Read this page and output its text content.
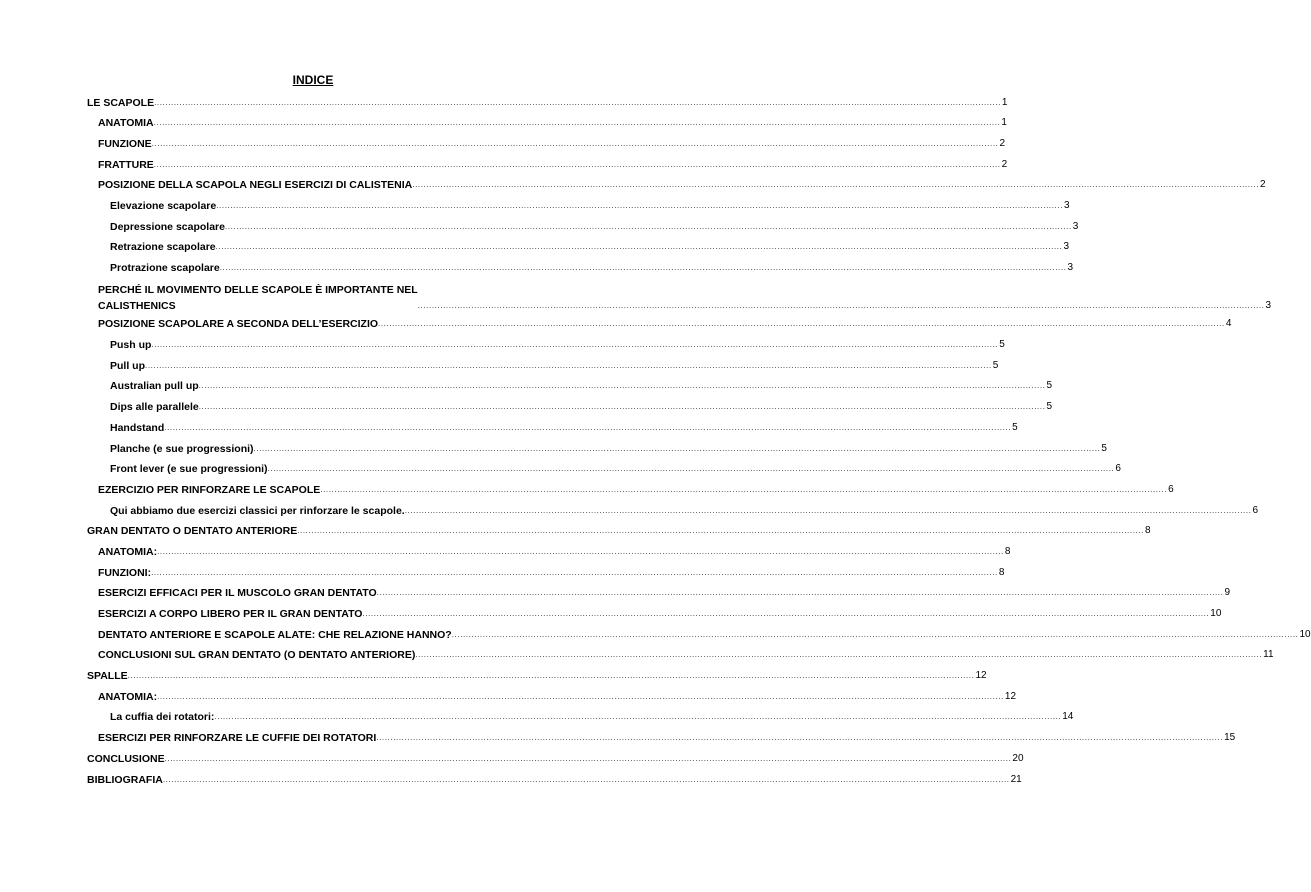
INDICE
LE SCAPOLE ............................................................................................................................................................................................................................................................................................................ 1
ANATOMIA ............................................................................................................................................................................................................................................................................................................ 1
FUNZIONE ............................................................................................................................................................................................................................................................................................................ 2
FRATTURE ............................................................................................................................................................................................................................................................................................................ 2
POSIZIONE DELLA SCAPOLA NEGLI ESERCIZI DI CALISTENIA ............................................................................................................................................................................................................................................................................................................ 2
Elevazione scapolare ............................................................................................................................................................................................................................................................................................................ 3
Depressione scapolare ............................................................................................................................................................................................................................................................................................................ 3
Retrazione scapolare ............................................................................................................................................................................................................................................................................................................ 3
Protrazione scapolare ............................................................................................................................................................................................................................................................................................................ 3
PERCHÉ IL MOVIMENTO DELLE SCAPOLE È IMPORTANTE NEL
CALISTHENICS	............................................................................................................................................................................................................................................................................................................ 3
POSIZIONE SCAPOLARE A SECONDA DELL’ESERCIZIO ............................................................................................................................................................................................................................................................................................................ 4
Push up ............................................................................................................................................................................................................................................................................................................ 5
Pull up ............................................................................................................................................................................................................................................................................................................ 5
Australian pull up ............................................................................................................................................................................................................................................................................................................ 5
Dips alle parallele ............................................................................................................................................................................................................................................................................................................ 5
Handstand ............................................................................................................................................................................................................................................................................................................ 5
Planche (e sue progressioni) ............................................................................................................................................................................................................................................................................................................ 5
Front lever (e sue progressioni) ............................................................................................................................................................................................................................................................................................................ 6
EZERCIZIO PER RINFORZARE LE SCAPOLE ............................................................................................................................................................................................................................................................................................................ 6
Qui abbiamo due esercizi classici per rinforzare le scapole. ............................................................................................................................................................................................................................................................................................................ 6
GRAN DENTATO O DENTATO ANTERIORE ............................................................................................................................................................................................................................................................................................................ 8
ANATOMIA: ............................................................................................................................................................................................................................................................................................................ 8
FUNZIONI: ............................................................................................................................................................................................................................................................................................................ 8
ESERCIZI EFFICACI PER IL MUSCOLO GRAN DENTATO ............................................................................................................................................................................................................................................................................................................ 9
ESERCIZI A CORPO LIBERO PER IL GRAN DENTATO ............................................................................................................................................................................................................................................................................................................ 10
DENTATO ANTERIORE E SCAPOLE ALATE: CHE RELAZIONE HANNO? ............................................................................................................................................................................................................................................................................................................ 10
CONCLUSIONI SUL GRAN DENTATO (O DENTATO ANTERIORE) ............................................................................................................................................................................................................................................................................................................ 11
SPALLE ............................................................................................................................................................................................................................................................................................................ 12
ANATOMIA: ............................................................................................................................................................................................................................................................................................................ 12
La cuffia dei rotatori: ............................................................................................................................................................................................................................................................................................................ 14
ESERCIZI PER RINFORZARE LE CUFFIE DEI ROTATORI ............................................................................................................................................................................................................................................................................................................ 15
CONCLUSIONE ............................................................................................................................................................................................................................................................................................................ 20
BIBLIOGRAFIA ............................................................................................................................................................................................................................................................................................................ 21
